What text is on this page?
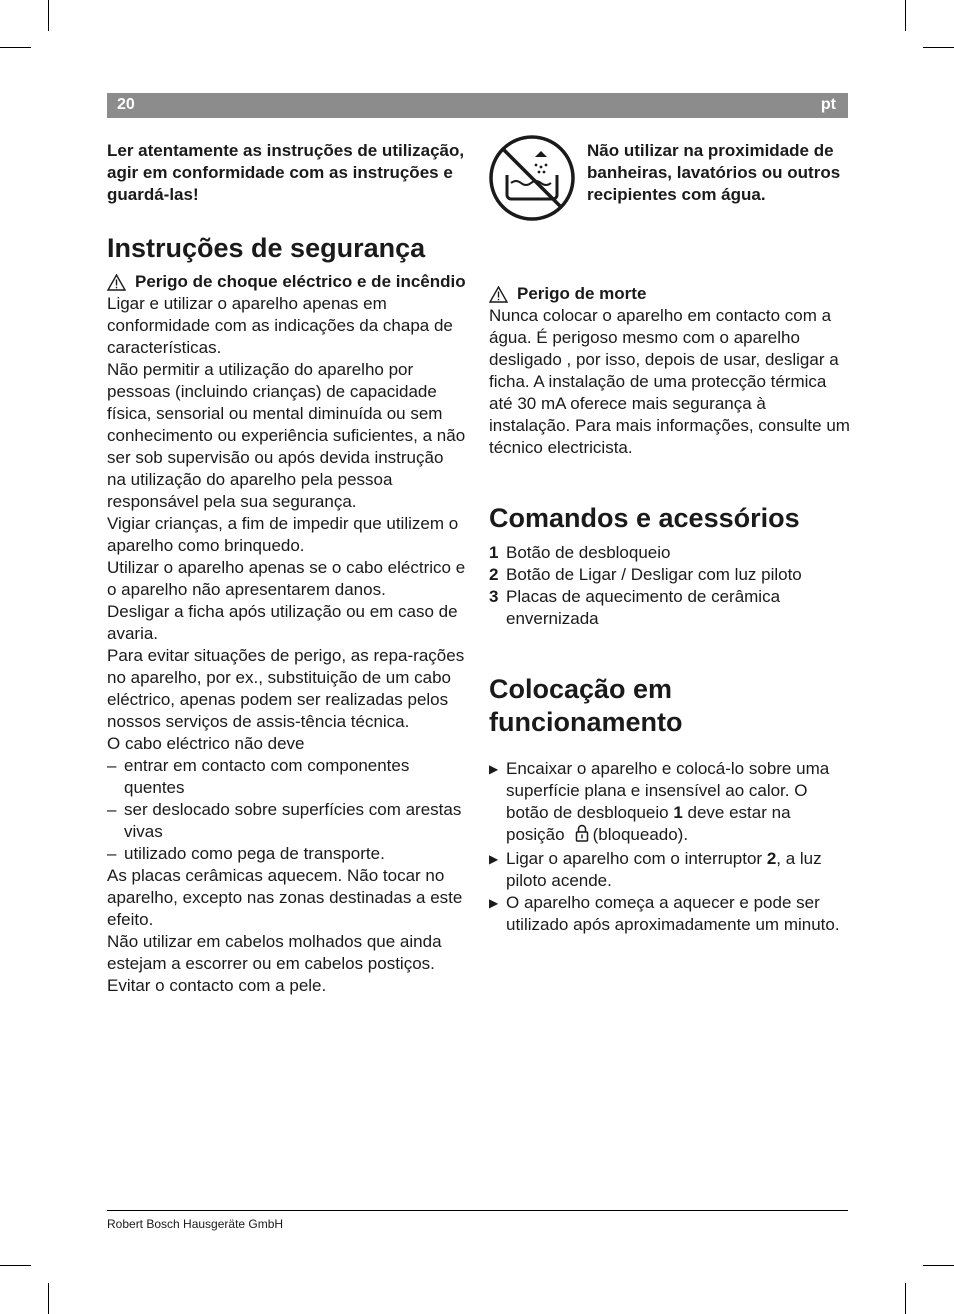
20	pt

Ler atentamente as instruções de utilização, agir em conformidade com as instruções e guardá-las!

Instruções de segurança
Perigo de choque eléctrico e de incêndio

Ligar e utilizar o aparelho apenas em conformidade com as indicações da chapa de características.

Não permitir a utilização do aparelho por pessoas (incluindo crianças) de capacidade física, sensorial ou mental diminuída ou sem conhecimento ou experiência suficientes, a não ser sob supervisão ou após devida instrução na utilização do aparelho pela pessoa responsável pela sua segurança.

Vigiar crianças, a fim de impedir que utilizem o aparelho como brinquedo.

Utilizar o aparelho apenas se o cabo eléctrico e o aparelho não apresentarem danos.

Desligar a ficha após utilização ou em caso de avaria.

Para evitar situações de perigo, as repa-rações no aparelho, por ex., substituição de um cabo eléctrico, apenas podem ser realizadas pelos nossos serviços de assis-tência técnica.

O cabo eléctrico não deve

– entrar em contacto com componentes quentes
– ser deslocado sobre superfícies com arestas vivas
– utilizado como pega de transporte.

As placas cerâmicas aquecem. Não tocar no aparelho, excepto nas zonas destinadas a este efeito.

Não utilizar em cabelos molhados que ainda estejam a escorrer ou em cabelos postiços.

Evitar o contacto com a pele.

Não utilizar na proximidade de banheiras, lavatórios ou outros recipientes com água.
Perigo de morte

Nunca colocar o aparelho em contacto com a água. É perigoso mesmo com o aparelho desligado , por isso, depois de usar, desligar a ficha. A instalação de uma protecção térmica até 30 mA oferece mais segurança à instalação. Para mais informações, consulte um técnico electricista.

Comandos e acessórios
1 Botão de desbloqueio
2 Botão de Ligar / Desligar com luz piloto
3 Placas de aquecimento de cerâmica envernizada
Colocação em
funcionamento
▶ Encaixar o aparelho e colocá-lo sobre uma superfície plana e insensível ao calor. O botão de desbloqueio 1 deve estar na posição (bloqueado).
▶ Ligar o aparelho com o interruptor 2, a luz piloto acende.
▶ O aparelho começa a aquecer e pode ser utilizado após aproximadamente um minuto.
Robert Bosch Hausgeräte GmbH
